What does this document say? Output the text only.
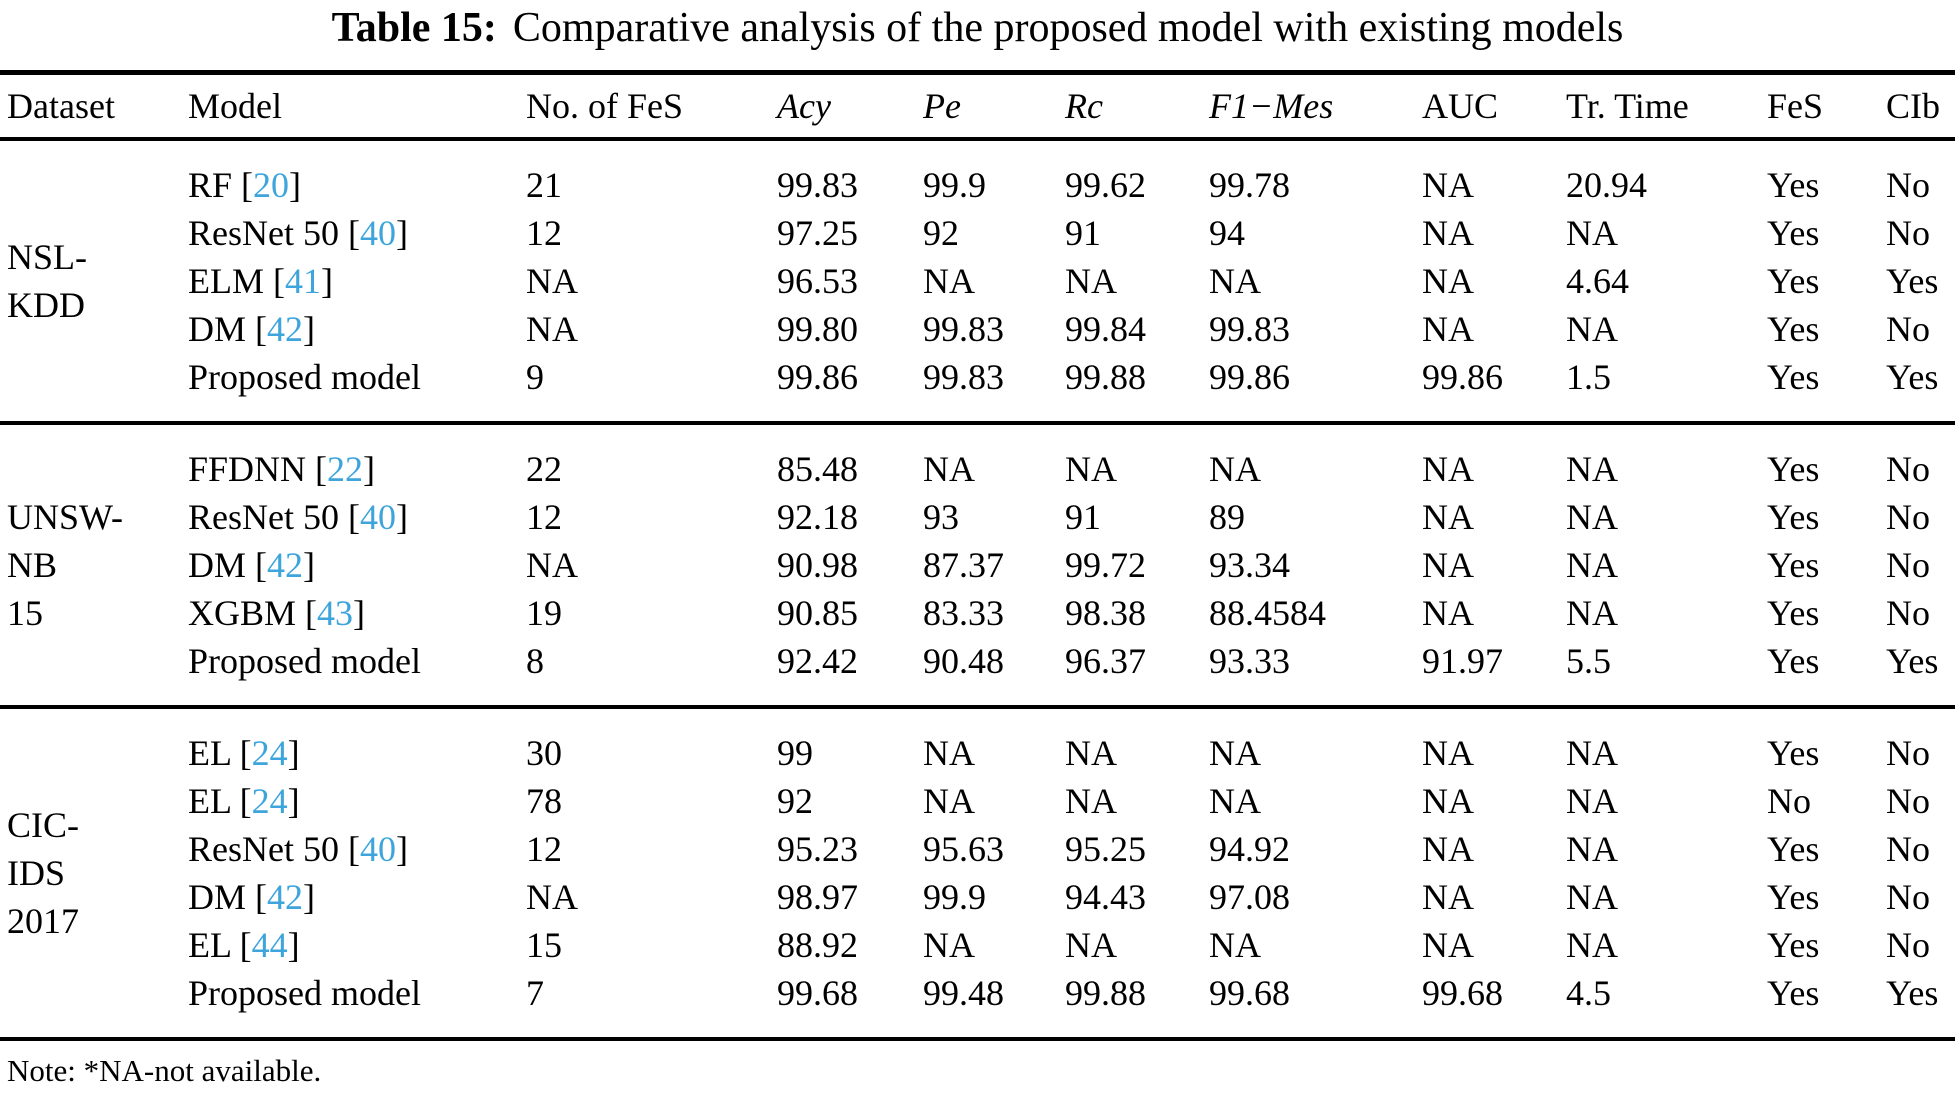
Table 15: Comparative analysis of the proposed model with existing models
Dataset	Model	No. of FeS	Acy	Pe	Rc	F1−Mes	AUC	Tr. Time	FeS	CIb

NSL-
KDD	RF [20]	21	99.83	99.9	99.62	99.78	NA	20.94	Yes	No
	ResNet 50 [40]	12	97.25	92	91	94	NA	NA	Yes	No
	ELM [41]	NA	96.53	NA	NA	NA	NA	4.64	Yes	Yes
	DM [42]	NA	99.80	99.83	99.84	99.83	NA	NA	Yes	No
	Proposed model	9	99.86	99.83	99.88	99.86	99.86	1.5	Yes	Yes

UNSW-
NB
15	FFDNN [22]	22	85.48	NA	NA	NA	NA	NA	Yes	No
	ResNet 50 [40]	12	92.18	93	91	89	NA	NA	Yes	No
	DM [42]	NA	90.98	87.37	99.72	93.34	NA	NA	Yes	No
	XGBM [43]	19	90.85	83.33	98.38	88.4584	NA	NA	Yes	No
	Proposed model	8	92.42	90.48	96.37	93.33	91.97	5.5	Yes	Yes

CIC-
IDS
2017	EL [24]	30	99	NA	NA	NA	NA	NA	Yes	No
	EL [24]	78	92	NA	NA	NA	NA	NA	No	No
	ResNet 50 [40]	12	95.23	95.63	95.25	94.92	NA	NA	Yes	No
	DM [42]	NA	98.97	99.9	94.43	97.08	NA	NA	Yes	No
	EL [44]	15	88.92	NA	NA	NA	NA	NA	Yes	No
	Proposed model	7	99.68	99.48	99.88	99.68	99.68	4.5	Yes	Yes
Note: *NA-not available.
